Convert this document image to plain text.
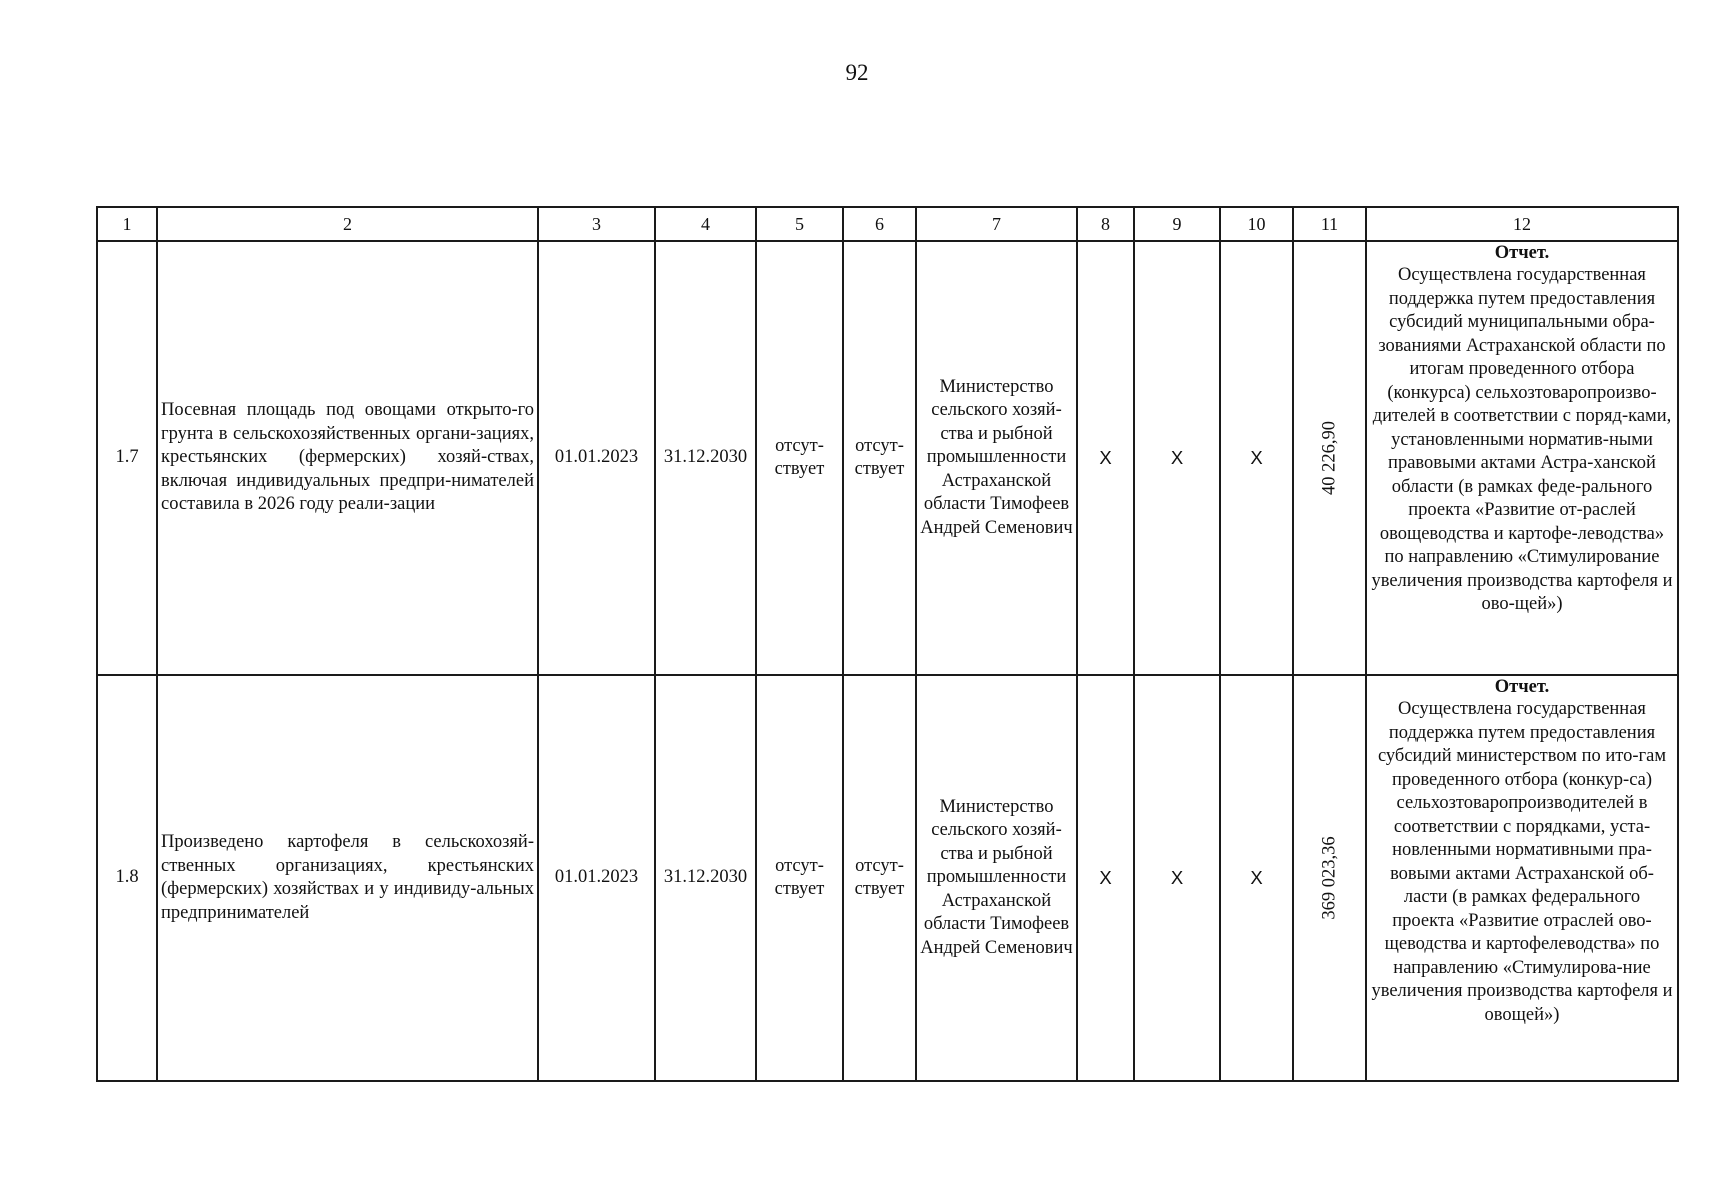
92
1	2	3	4	5	6	7	8	9	10	11	12
1.7	Посевная площадь под овощами открыто-го грунта в сельскохозяйственных органи-зациях, крестьянских (фермерских) хозяй-ствах, включая индивидуальных предпри-нимателей составила в 2026 году реали-зации	01.01.2023	31.12.2030	отсут-ствует	отсут-ствует	Министерство сельского хозяй-ства и рыбной промышленности Астраханской области Тимофеев Андрей Семенович	X	X	X	40 226,90	Отчет.
Осуществлена государственная поддержка путем предоставления субсидий муниципальными обра-зованиями Астраханской области по итогам проведенного отбора (конкурса) сельхозтоваропроизво-дителей в соответствии с поряд-ками, установленными норматив-ными правовыми актами Астра-ханской области (в рамках феде-рального проекта «Развитие от-раслей овощеводства и картофе-леводства» по направлению «Стимулирование увеличения производства картофеля и ово-щей»)

1.8	Произведено картофеля в сельскохозяй-ственных организациях, крестьянских (фермерских) хозяйствах и у индивиду-альных предпринимателей	01.01.2023	31.12.2030	отсут-ствует	отсут-ствует	Министерство сельского хозяй-ства и рыбной промышленности Астраханской области Тимофеев Андрей Семенович	X	X	X	369 023,36	Отчет.
Осуществлена государственная поддержка путем предоставления субсидий министерством по ито-гам проведенного отбора (конкур-са) сельхозтоваропроизводителей в соответствии с порядками, уста-новленными нормативными пра-вовыми актами Астраханской об-ласти (в рамках федерального проекта «Развитие отраслей ово-щеводства и картофелеводства» по направлению «Стимулирова-ние увеличения производства картофеля и овощей»)
